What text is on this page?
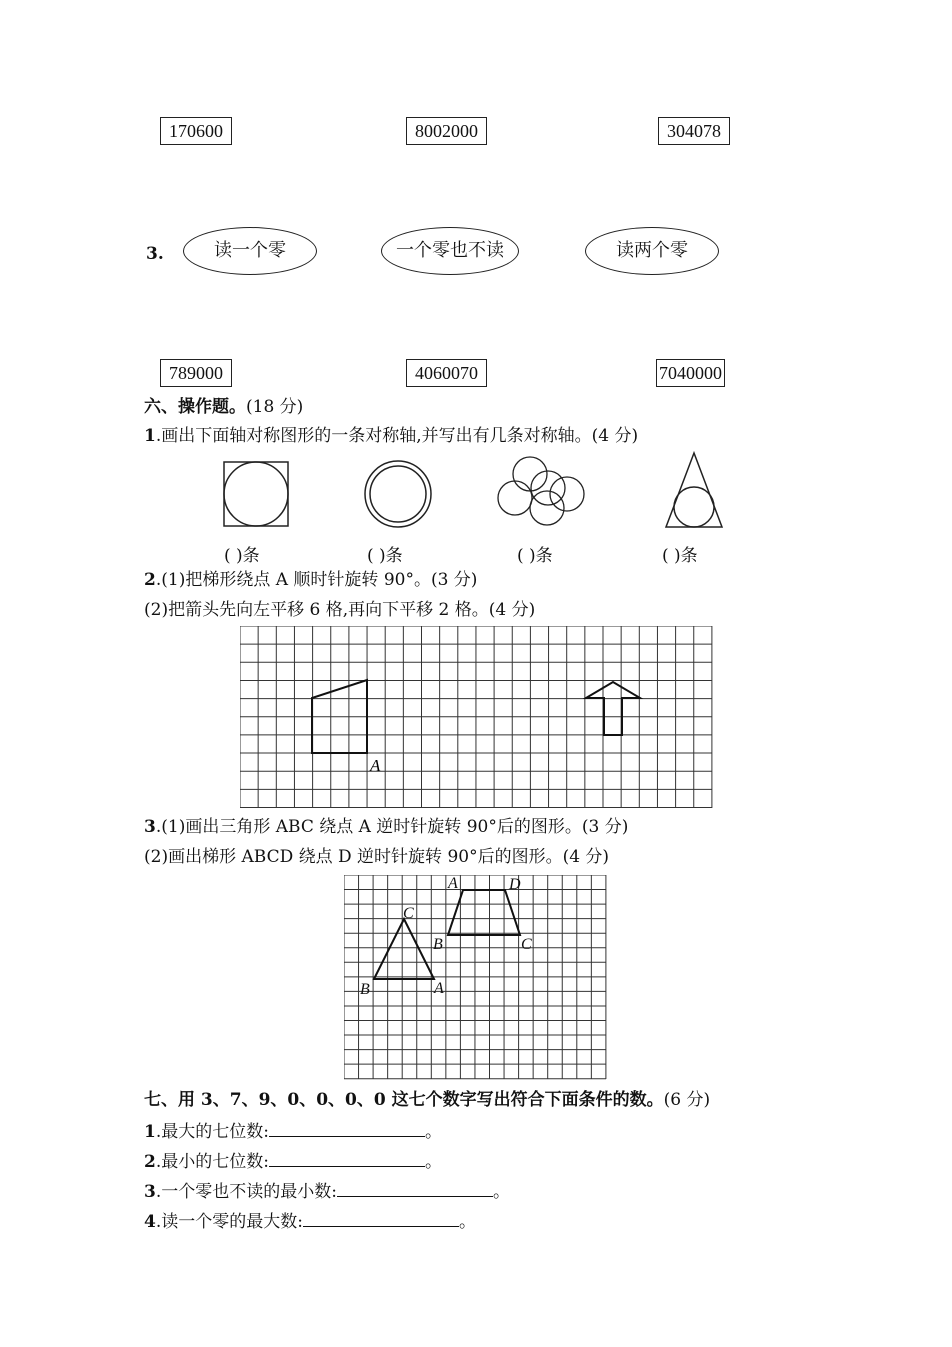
170600	8002000	304078
3.	读一个零	一个零也不读	读两个零
789000	4060070	7040000
六、操作题。(18 分)
1.画出下面轴对称图形的一条对称轴,并写出有几条对称轴。(4 分)
( )条	( )条	( )条	( )条
2.(1)把梯形绕点 A 顺时针旋转 90°。(3 分)
(2)把箭头先向左平移 6 格,再向下平移 2 格。(4 分)
A
3.(1)画出三角形 ABC 绕点 A 逆时针旋转 90°后的图形。(3 分)
(2)画出梯形 ABCD 绕点 D 逆时针旋转 90°后的图形。(4 分)
A	D
C
B	C
B	A
七、用 3、7、9、0、0、0、0 这七个数字写出符合下面条件的数。(6 分)
1.最大的七位数:	。
2.最小的七位数:	。
3.一个零也不读的最小数:	。
4.读一个零的最大数:	。
